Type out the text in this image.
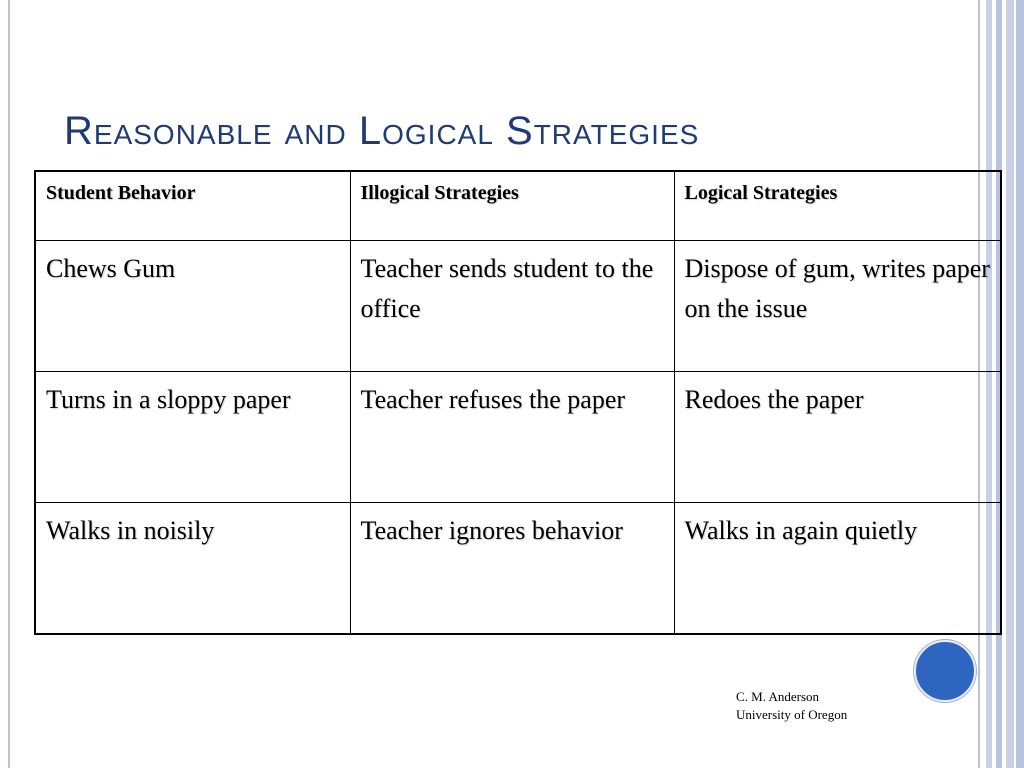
Reasonable and Logical Strategies
Student Behavior	Illogical Strategies	Logical Strategies
Chews Gum	Teacher sends student to the office	Dispose of gum, writes paper on the issue
Turns in a sloppy paper	Teacher refuses the paper	Redoes the paper
Walks in noisily	Teacher ignores behavior	Walks in again quietly
C. M. Anderson
University of Oregon
